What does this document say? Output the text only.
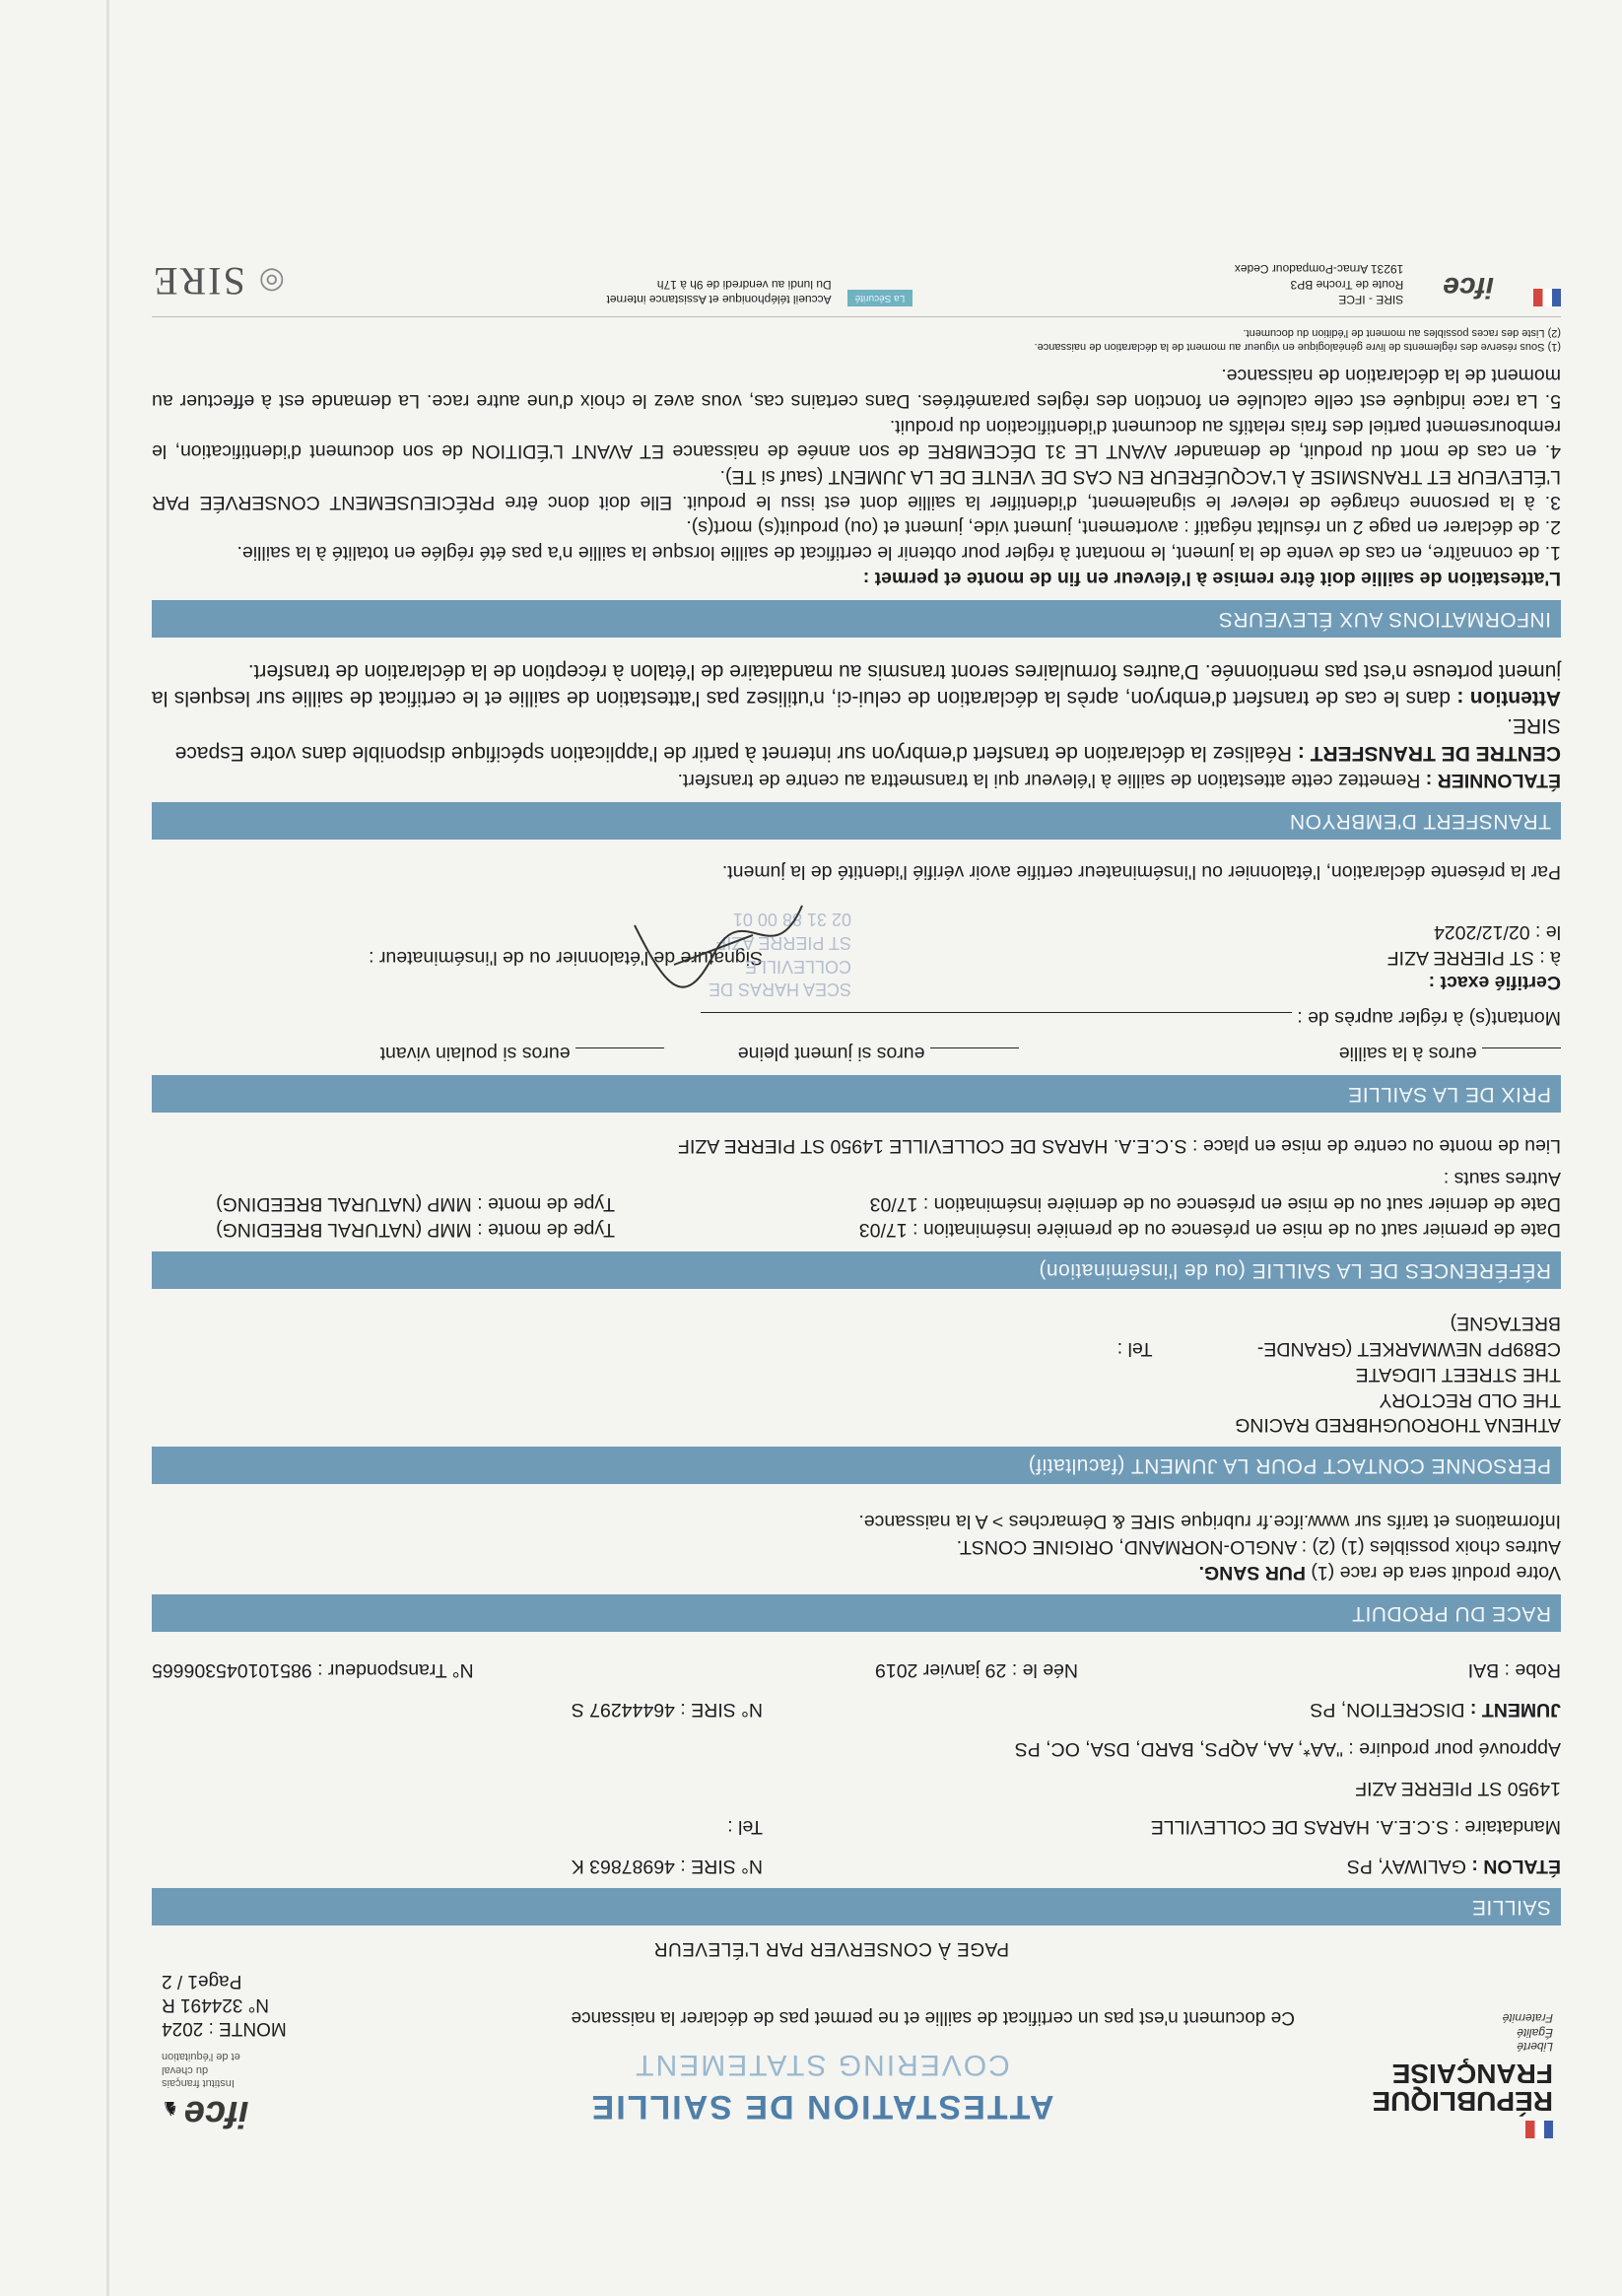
RÉPUBLIQUE
FRANÇAISE
Liberté
Égalité
Fraternité
ATTESTATION DE SAILLIE
COVERING STATEMENT
ifce ♞
Institut français
du cheval
et de l'équitation
Ce document n'est pas un certificat de saillie et ne permet pas de déclarer la naissance
MONTE : 2024
N° 324491 R
Page1 / 2
PAGE À CONSERVER PAR L'ÉLEVEUR
SAILLIE

ÉTALON : GALIWAY, PS

N° SIRE : 46987863 K

Mandataire : S.C.E.A. HARAS DE COLLEVILLE

Tel :

14950 ST PIERRE AZIF

Approuvé pour produire : "AA*, AA, AQPS, BARD, DSA, OC, PS

JUMENT : DISCRETION, PS

N° SIRE : 46444297 S

Robe : BAI

Née le : 29 janvier 2019
N° Transpondeur : 985101045306665

RACE DU PRODUIT

Votre produit sera de race (1) PUR SANG.

Autres choix possibles (1) (2) : ANGLO-NORMAND, ORIGINE CONST.

Informations et tarifs sur www.ifce.fr rubrique SIRE & Démarches > A la naissance.

PERSONNE CONTACT POUR LA JUMENT (facultatif)

ATHENA THOROUGHBRED RACING

THE OLD RECTORY

THE STREET LIDGATE

CB89PP NEWMARKET (GRANDE-BRETAGNE)

Tel :

RÉFÉRENCES DE LA SAILLIE (ou de l'insémination)

Date de premier saut ou de mise en présence ou de première insémination : 17/03

Type de monte : MMP (NATURAL BREEDING)

Date de dernier saut ou de mise en présence ou de dernière insémination : 17/03

Type de monte : MMP (NATURAL BREEDING)

Autres sauts :

Lieu de monte ou centre de mise en place : S.C.E.A. HARAS DE COLLEVILLE 14950 ST PIERRE AZIF

PRIX DE LA SAILLIE

euros à la saillie

euros si jument pleine

euros si poulain vivant

Montant(s) à régler auprès de :

Certifié exact :

à : ST PIERRE AZIF

Signature de l'étalonnier ou de l'inséminateur :

le : 02/12/2024

SCEA HARAS DE
COLLEVILLE
ST PIERRE AZIF
02 31 88 00 01

Par la présente déclaration, l'étalonnier ou l'inséminateur certifie avoir vérifié l'identité de la jument.

TRANSFERT D'EMBRYON

ÉTALONNIER : Remettez cette attestation de saillie à l'éleveur qui la transmettra au centre de transfert.

CENTRE DE TRANSFERT : Réalisez la déclaration de transfert d'embryon sur internet à partir de l'application spécifique disponible dans votre Espace SIRE.

Attention : dans le cas de transfert d'embryon, après la déclaration de celui-ci, n'utilisez pas l'attestation de saillie et le certificat de saillie sur lesquels la jument porteuse n'est pas mentionnée. D'autres formulaires seront transmis au mandataire de l'étalon à réception de la déclaration de transfert.

INFORMATIONS AUX ÉLEVEURS

L'attestation de saillie doit être remise à l'éleveur en fin de monte et permet :

1. de connaître, en cas de vente de la jument, le montant à régler pour obtenir le certificat de saillie lorsque la saillie n'a pas été réglée en totalité à la saillie.

2. de déclarer en page 2 un résultat négatif : avortement, jument vide, jument et (ou) produit(s) mort(s).

3. à la personne chargée de relever le signalement, d'identifier la saillie dont est issu le produit. Elle doit donc être PRÉCIEUSEMENT CONSERVÉE PAR L'ÉLEVEUR ET TRANSMISE À L'ACQUÉREUR EN CAS DE VENTE DE LA JUMENT (sauf si TE).

4. en cas de mort du produit, de demander AVANT LE 31 DÉCEMBRE de son année de naissance ET AVANT L'ÉDITION de son document d'identification, le remboursement partiel des frais relatifs au document d'identification du produit.

5. La race indiquée est celle calculée en fonction des règles paramétrées. Dans certains cas, vous avez le choix d'une autre race. La demande est à effectuer au moment de la déclaration de naissance.

(1) Sous réserve des règlements de livre généalogique en vigueur au moment de la déclaration de naissance.

(2) Liste des races possibles au moment de l'édition du document.

ifce
SIRE - IFCE
Route de Troche BP3
19231 Arnac-Pompadour Cedex
La Sécurité
Accueil téléphonique et Assistance internet
Du lundi au vendredi de 9h à 17h
◎
SIRE
